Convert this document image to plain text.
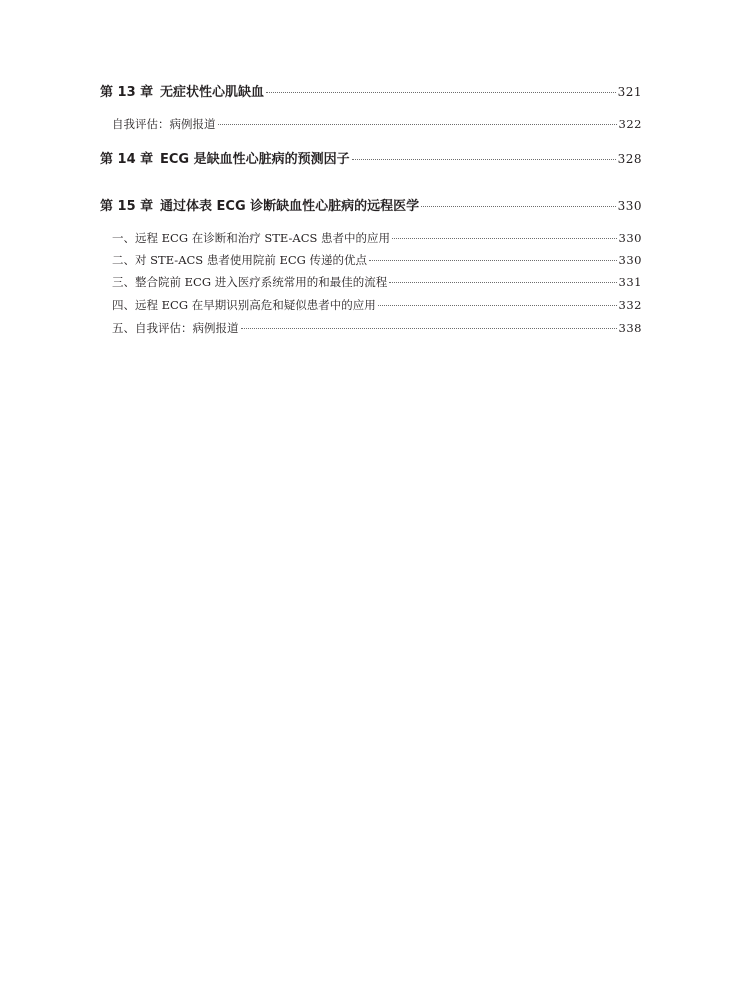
第 13 章 无症状性心肌缺血	321
自我评估：病例报道	322
第 14 章 ECG 是缺血性心脏病的预测因子	328
第 15 章 通过体表 ECG 诊断缺血性心脏病的远程医学	330
一、远程 ECG 在诊断和治疗 STE-ACS 患者中的应用	330
二、对 STE-ACS 患者使用院前 ECG 传递的优点	330
三、整合院前 ECG 进入医疗系统常用的和最佳的流程	331
四、远程 ECG 在早期识别高危和疑似患者中的应用	332
五、自我评估：病例报道	338
